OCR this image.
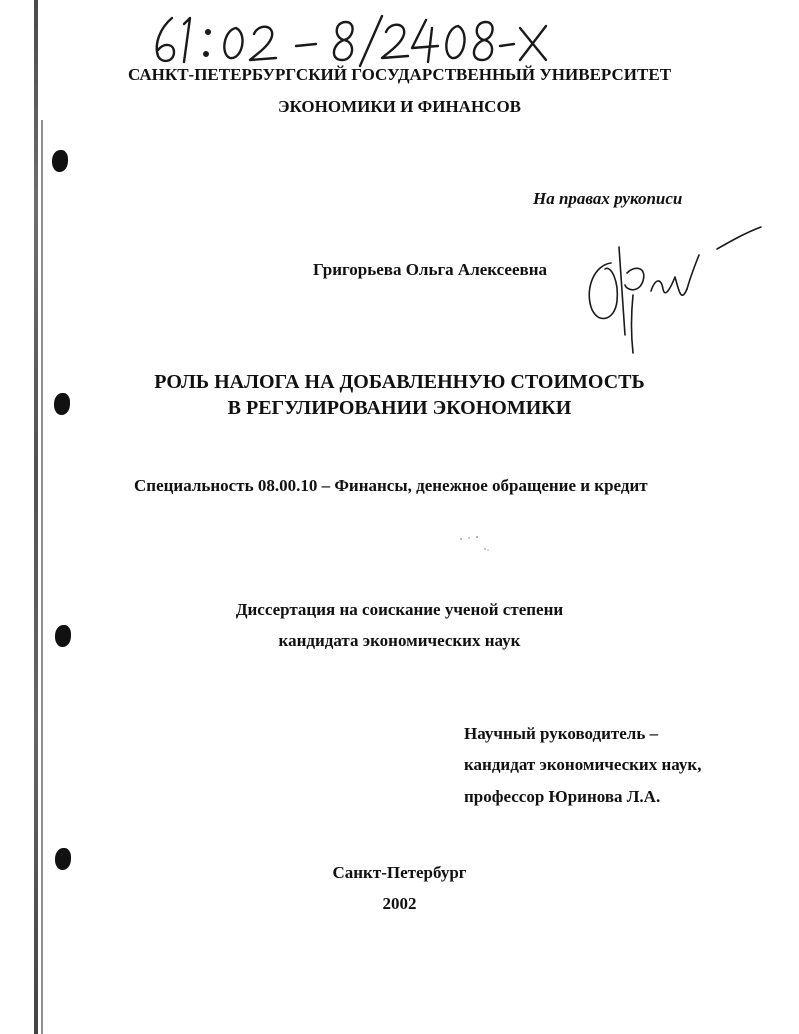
САНКТ-ПЕТЕРБУРГСКИЙ ГОСУДАРСТВЕННЫЙ УНИВЕРСИТЕТ
ЭКОНОМИКИ И ФИНАНСОВ
На правах рукописи
Григорьева Ольга Алексеевна
РОЛЬ НАЛОГА НА ДОБАВЛЕННУЮ СТОИМОСТЬ
В РЕГУЛИРОВАНИИ ЭКОНОМИКИ
Специальность 08.00.10 – Финансы, денежное обращение и кредит
Диссертация на соискание ученой степени
кандидата экономических наук
Научный руководитель –
кандидат экономических наук,
профессор Юринова Л.А.
Санкт-Петербург
2002
